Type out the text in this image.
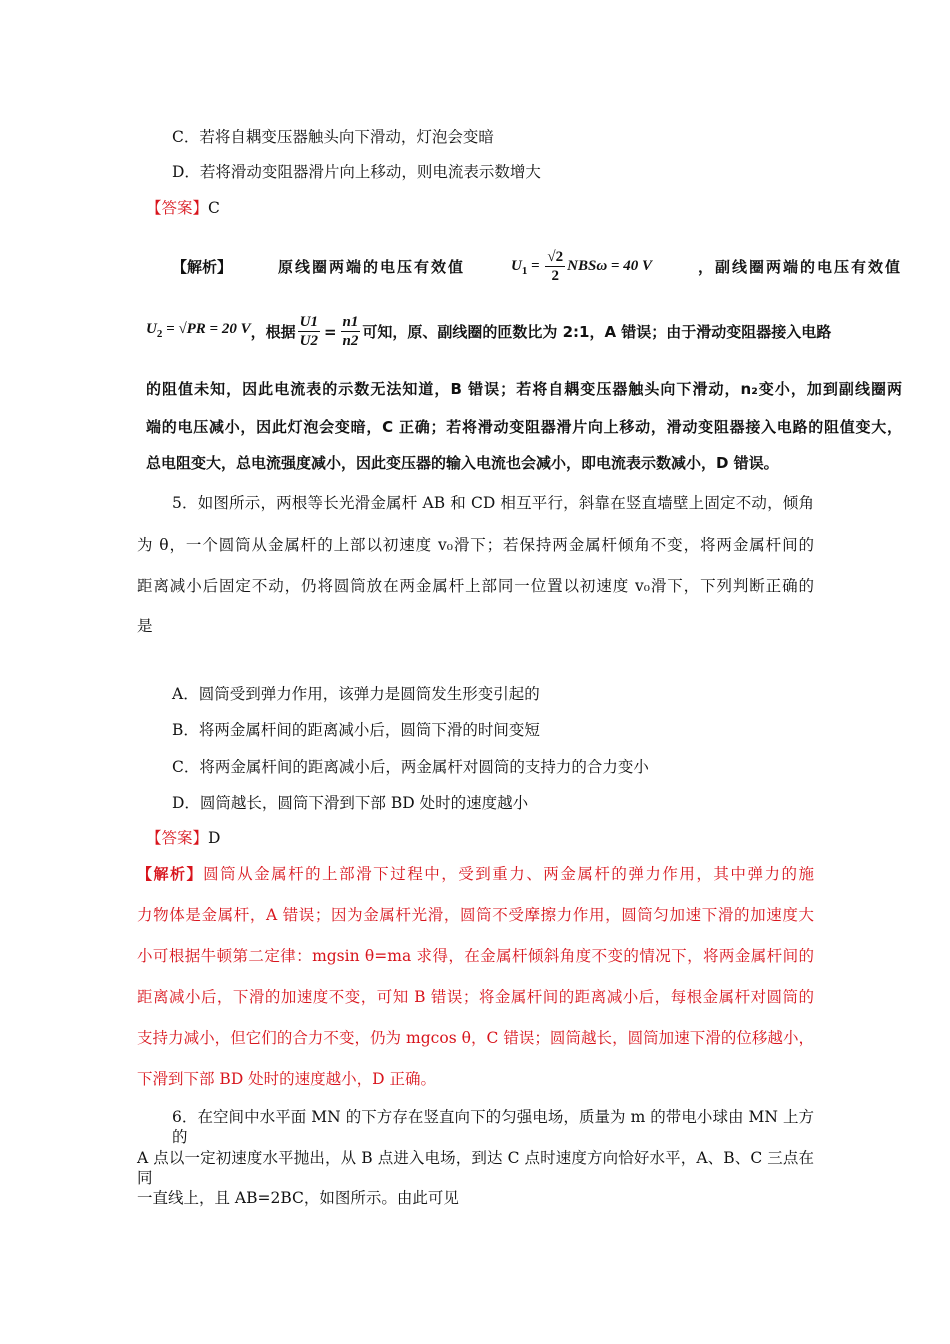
C．若将自耦变压器触头向下滑动，灯泡会变暗
D．若将滑动变阻器滑片向上移动，则电流表示数增大
【答案】C
【解析】	原线圈两端的电压有效值	$U_1 = \frac{√2}{2}$ NBSω = 40 V	，副线圈两端的电压有效值
$U_2 = √PR = 20$ V ，根据 $\frac{U1}{U2} = \frac{n1}{n2}$ 可知，原、副线圈的匝数比为 2:1，A 错误；由于滑动变阻器接入电路
的阻值未知，因此电流表的示数无法知道，B 错误；若将自耦变压器触头向下滑动，n₂变小，加到副线圈两
端的电压减小，因此灯泡会变暗，C 正确；若将滑动变阻器滑片向上移动，滑动变阻器接入电路的阻值变大，
总电阻变大，总电流强度减小，因此变压器的输入电流也会减小，即电流表示数减小，D 错误。
5．如图所示，两根等长光滑金属杆 AB 和 CD 相互平行，斜靠在竖直墙壁上固定不动，倾角
为 θ，一个圆筒从金属杆的上部以初速度 v₀滑下；若保持两金属杆倾角不变，将两金属杆间的
距离减小后固定不动，仍将圆筒放在两金属杆上部同一位置以初速度 v₀滑下，下列判断正确的
是
A．圆筒受到弹力作用，该弹力是圆筒发生形变引起的
B．将两金属杆间的距离减小后，圆筒下滑的时间变短
C．将两金属杆间的距离减小后，两金属杆对圆筒的支持力的合力变小
D．圆筒越长，圆筒下滑到下部 BD 处时的速度越小
【答案】D
【解析】圆筒从金属杆的上部滑下过程中，受到重力、两金属杆的弹力作用，其中弹力的施
力物体是金属杆，A 错误；因为金属杆光滑，圆筒不受摩擦力作用，圆筒匀加速下滑的加速度大
小可根据牛顿第二定律：mgsin θ=ma 求得，在金属杆倾斜角度不变的情况下，将两金属杆间的
距离减小后，下滑的加速度不变，可知 B 错误；将金属杆间的距离减小后，每根金属杆对圆筒的
支持力减小，但它们的合力不变，仍为 mgcos θ，C 错误；圆筒越长，圆筒加速下滑的位移越小，
下滑到下部 BD 处时的速度越小，D 正确。
6．在空间中水平面 MN 的下方存在竖直向下的匀强电场，质量为 m 的带电小球由 MN 上方的
A 点以一定初速度水平抛出，从 B 点进入电场，到达 C 点时速度方向恰好水平，A、B、C 三点在同
一直线上，且 AB=2BC，如图所示。由此可见
